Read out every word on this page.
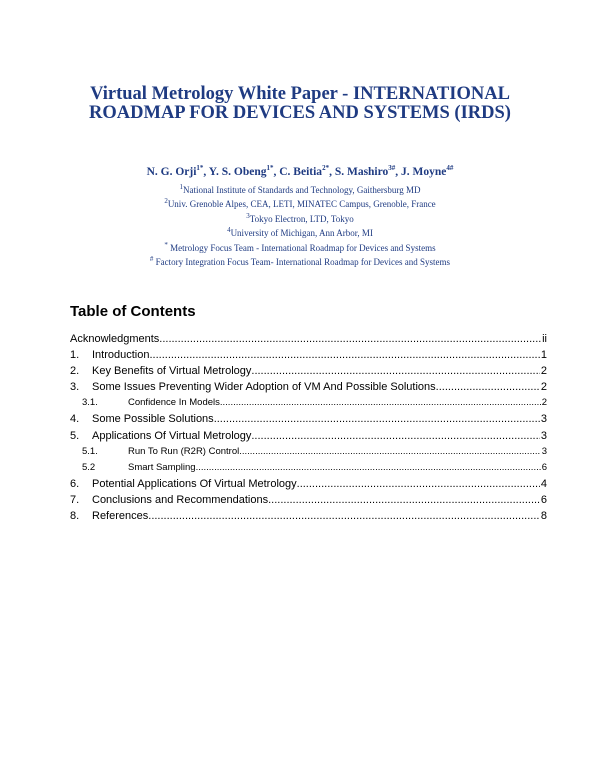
Virtual Metrology White Paper - INTERNATIONAL ROADMAP FOR DEVICES AND SYSTEMS (IRDS)
N. G. Orji$^{1*}$, Y. S. Obeng$^{1*}$, C. Beitia$^{2*}$, S. Mashiro$^{3\#}$, J. Moyne$^{4\#}$
$^1$National Institute of Standards and Technology, Gaithersburg MD
$^2$Univ. Grenoble Alpes, CEA, LETI, MINATEC Campus, Grenoble, France
$^3$Tokyo Electron, LTD, Tokyo
$^4$University of Michigan, Ann Arbor, MI
* Metrology Focus Team - International Roadmap for Devices and Systems
# Factory Integration Focus Team- International Roadmap for Devices and Systems
Table of Contents
Acknowledgments .....	ii
1.	Introduction .....	1
2.	Key Benefits of Virtual Metrology .....	2
3.	Some Issues Preventing Wider Adoption of VM And Possible Solutions. .....	2
3.1.	Confidence In Models. .....	2
4.	Some Possible Solutions .....	3
5.	Applications Of Virtual Metrology .....	3
5.1.	Run To Run (R2R) Control .....	3
5.2	Smart Sampling .....	6
6.	Potential Applications Of Virtual Metrology .....	4
7.	Conclusions and Recommendations .....	6
8.	References .....	8
